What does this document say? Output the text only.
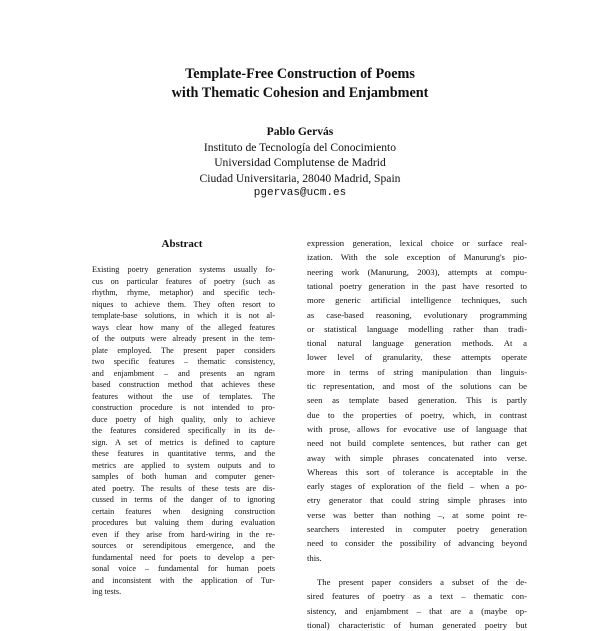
Template-Free Construction of Poems
with Thematic Cohesion and Enjambment
Pablo Gervás
Instituto de Tecnología del Conocimiento
Universidad Complutense de Madrid
Ciudad Universitaria, 28040 Madrid, Spain
pgervas@ucm.es
Abstract
Existing poetry generation systems usually fo-
cus on particular features of poetry (such as
rhythm, rhyme, metaphor) and specific tech-
niques to achieve them. They often resort to
template-base solutions, in which it is not al-
ways clear how many of the alleged features
of the outputs were already present in the tem-
plate employed. The present paper considers
two specific features – thematic consistency,
and enjambment – and presents an ngram
based construction method that achieves these
features without the use of templates. The
construction procedure is not intended to pro-
duce poetry of high quality, only to achieve
the features considered specifically in its de-
sign. A set of metrics is defined to capture
these features in quantitative terms, and the
metrics are applied to system outputs and to
samples of both human and computer gener-
ated poetry. The results of these tests are dis-
cussed in terms of the danger of to ignoring
certain features when designing construction
procedures but valuing them during evaluation
even if they arise from hard-wiring in the re-
sources or serendipitous emergence, and the
fundamental need for poets to develop a per-
sonal voice – fundamental for human poets
and inconsistent with the application of Tur-
ing tests.
expression generation, lexical choice or surface real-
ization. With the sole exception of Manurung's pio-
neering work (Manurung, 2003), attempts at compu-
tational poetry generation in the past have resorted to
more generic artificial intelligence techniques, such
as case-based reasoning, evolutionary programming
or statistical language modelling rather than tradi-
tional natural language generation methods. At a
lower level of granularity, these attempts operate
more in terms of string manipulation than linguis-
tic representation, and most of the solutions can be
seen as template based generation. This is partly
due to the properties of poetry, which, in contrast
with prose, allows for evocative use of language that
need not build complete sentences, but rather can get
away with simple phrases concatenated into verse.
Whereas this sort of tolerance is acceptable in the
early stages of exploration of the field – when a po-
etry generator that could string simple phrases into
verse was better than nothing –, at some point re-
searchers interested in computer poetry generation
need to consider the possibility of advancing beyond
this.
The present paper considers a subset of the de-
sired features of poetry as a text – thematic con-
sistency, and enjambment – that are a (maybe op-
tional) characteristic of human generated poetry but
